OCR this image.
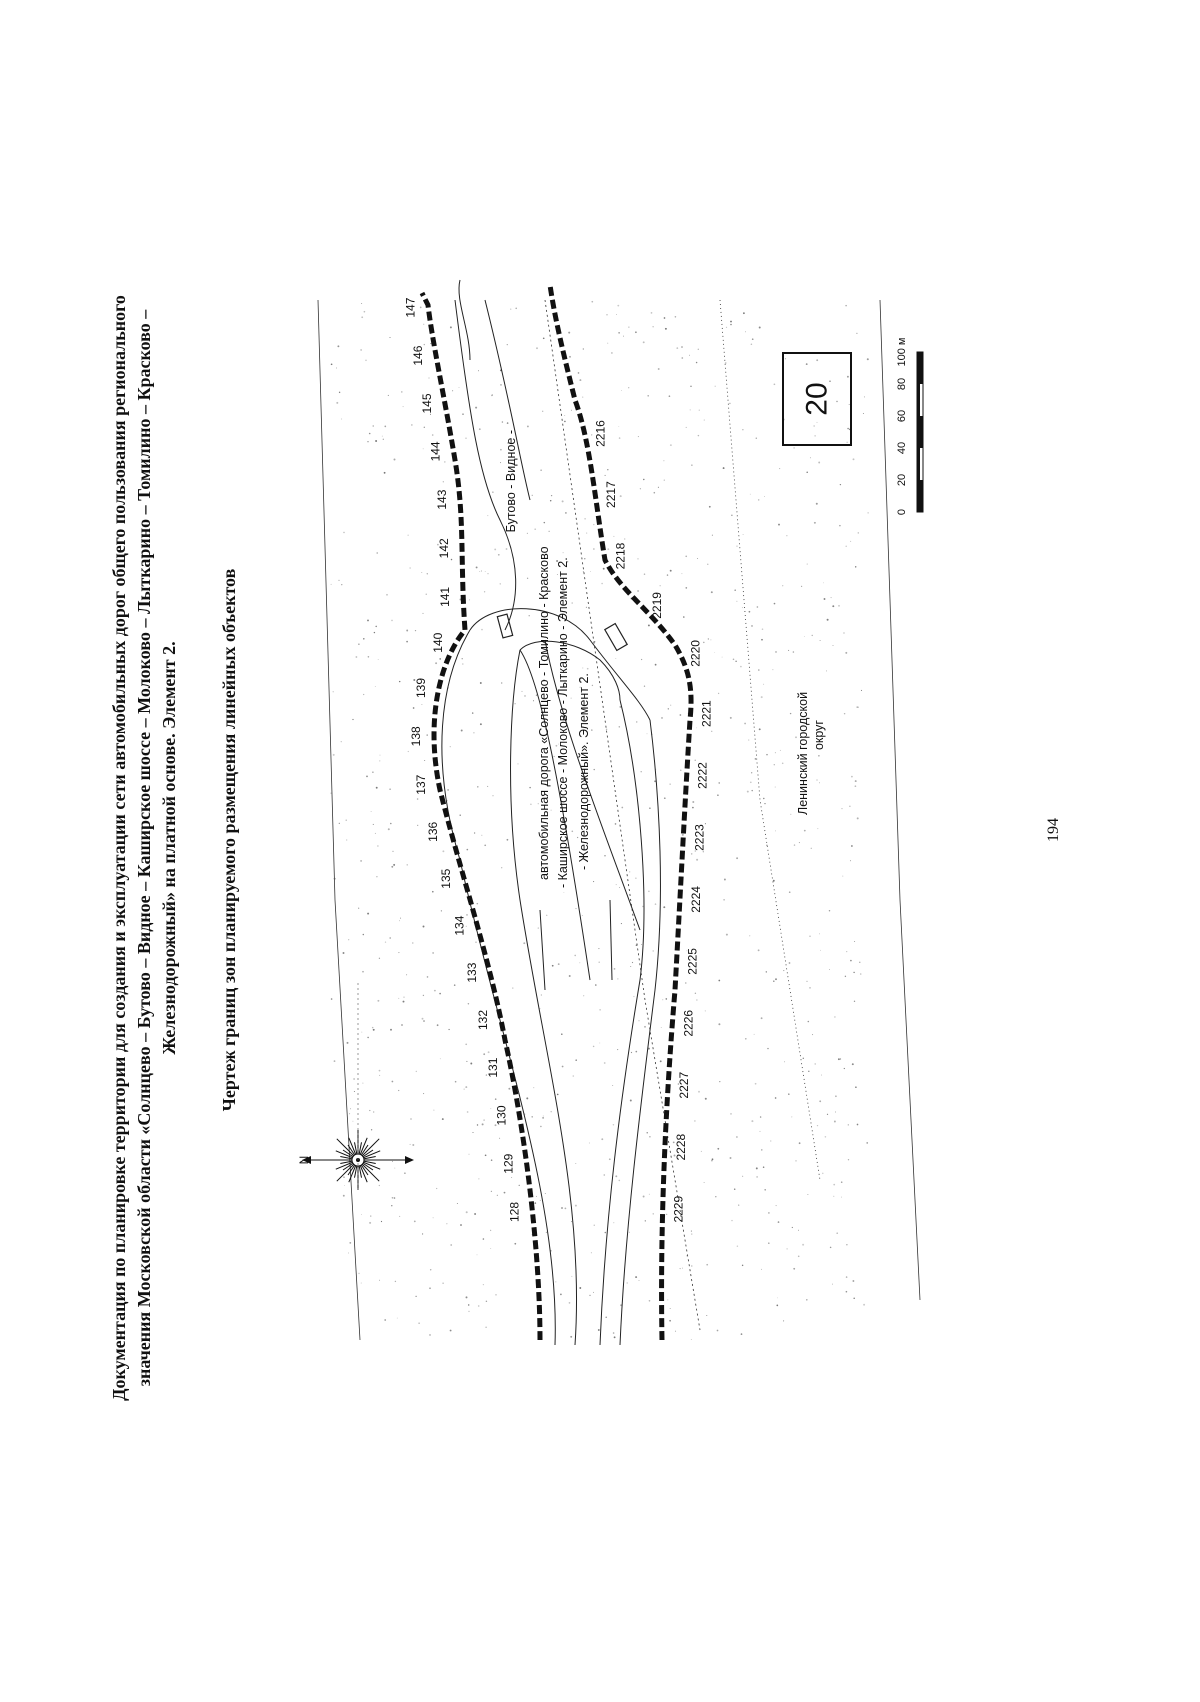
194
Документация по планировке территории для создания и эксплуатации сети автомобильных дорог общего пользования регионального значения Московской области «Солнцево – Бутово – Видное – Каширское шоссе – Молоково – Лыткарино – Томилино – Красково – Железнодорожный» на платной основе. Элемент 2. Чертеж границ зон планируемого размещения линейных объектов
128
129
130
131
132
133
134
135
136
137
138
139
140
141
142
143
144
145
146
147
2216
2217
2218
2219
2220
2221
2222
2223
2224
2225
2226
2227
2228
2229
Бутово - Видное -
автомобильная дорога «Солнцево - Томилино - Красково - Каширское шоссе - Молоково - Лыткарино - Элемент 2. - Железнодорожный». Элемент 2.	Ленинский городской округ
20
0
20
40
60
80
100 м
N
